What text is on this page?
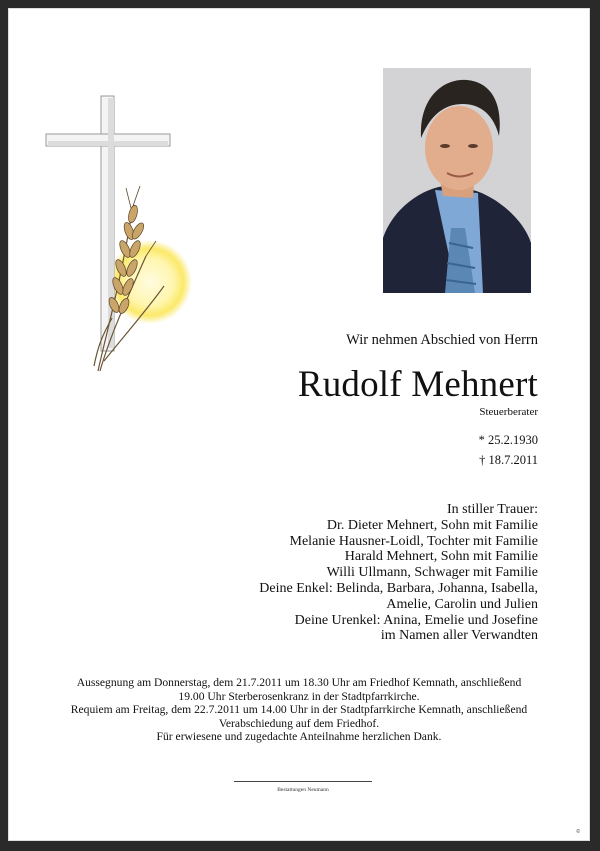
Wir nehmen Abschied von Herrn

Rudolf Mehnert

Steuerberater

* 25.2.1930

† 18.7.2011

In stiller Trauer:
Dr. Dieter Mehnert, Sohn mit Familie
Melanie Hausner-Loidl, Tochter mit Familie
Harald Mehnert, Sohn mit Familie
Willi Ullmann, Schwager mit Familie
Deine Enkel: Belinda, Barbara, Johanna, Isabella,
Amelie, Carolin und Julien
Deine Urenkel: Anina, Emelie und Josefine
im Namen aller Verwandten
Aussegnung am Donnerstag, dem 21.7.2011 um 18.30 Uhr am Friedhof Kemnath, anschließend
19.00 Uhr Sterberosenkranz in der Stadtpfarrkirche.
Requiem am Freitag, dem 22.7.2011 um 14.00 Uhr in der Stadtpfarrkirche Kemnath, anschließend
Verabschiedung auf dem Friedhof.
Für erwiesene und zugedachte Anteilnahme herzlichen Dank.
Bestattungen Neumann
©
